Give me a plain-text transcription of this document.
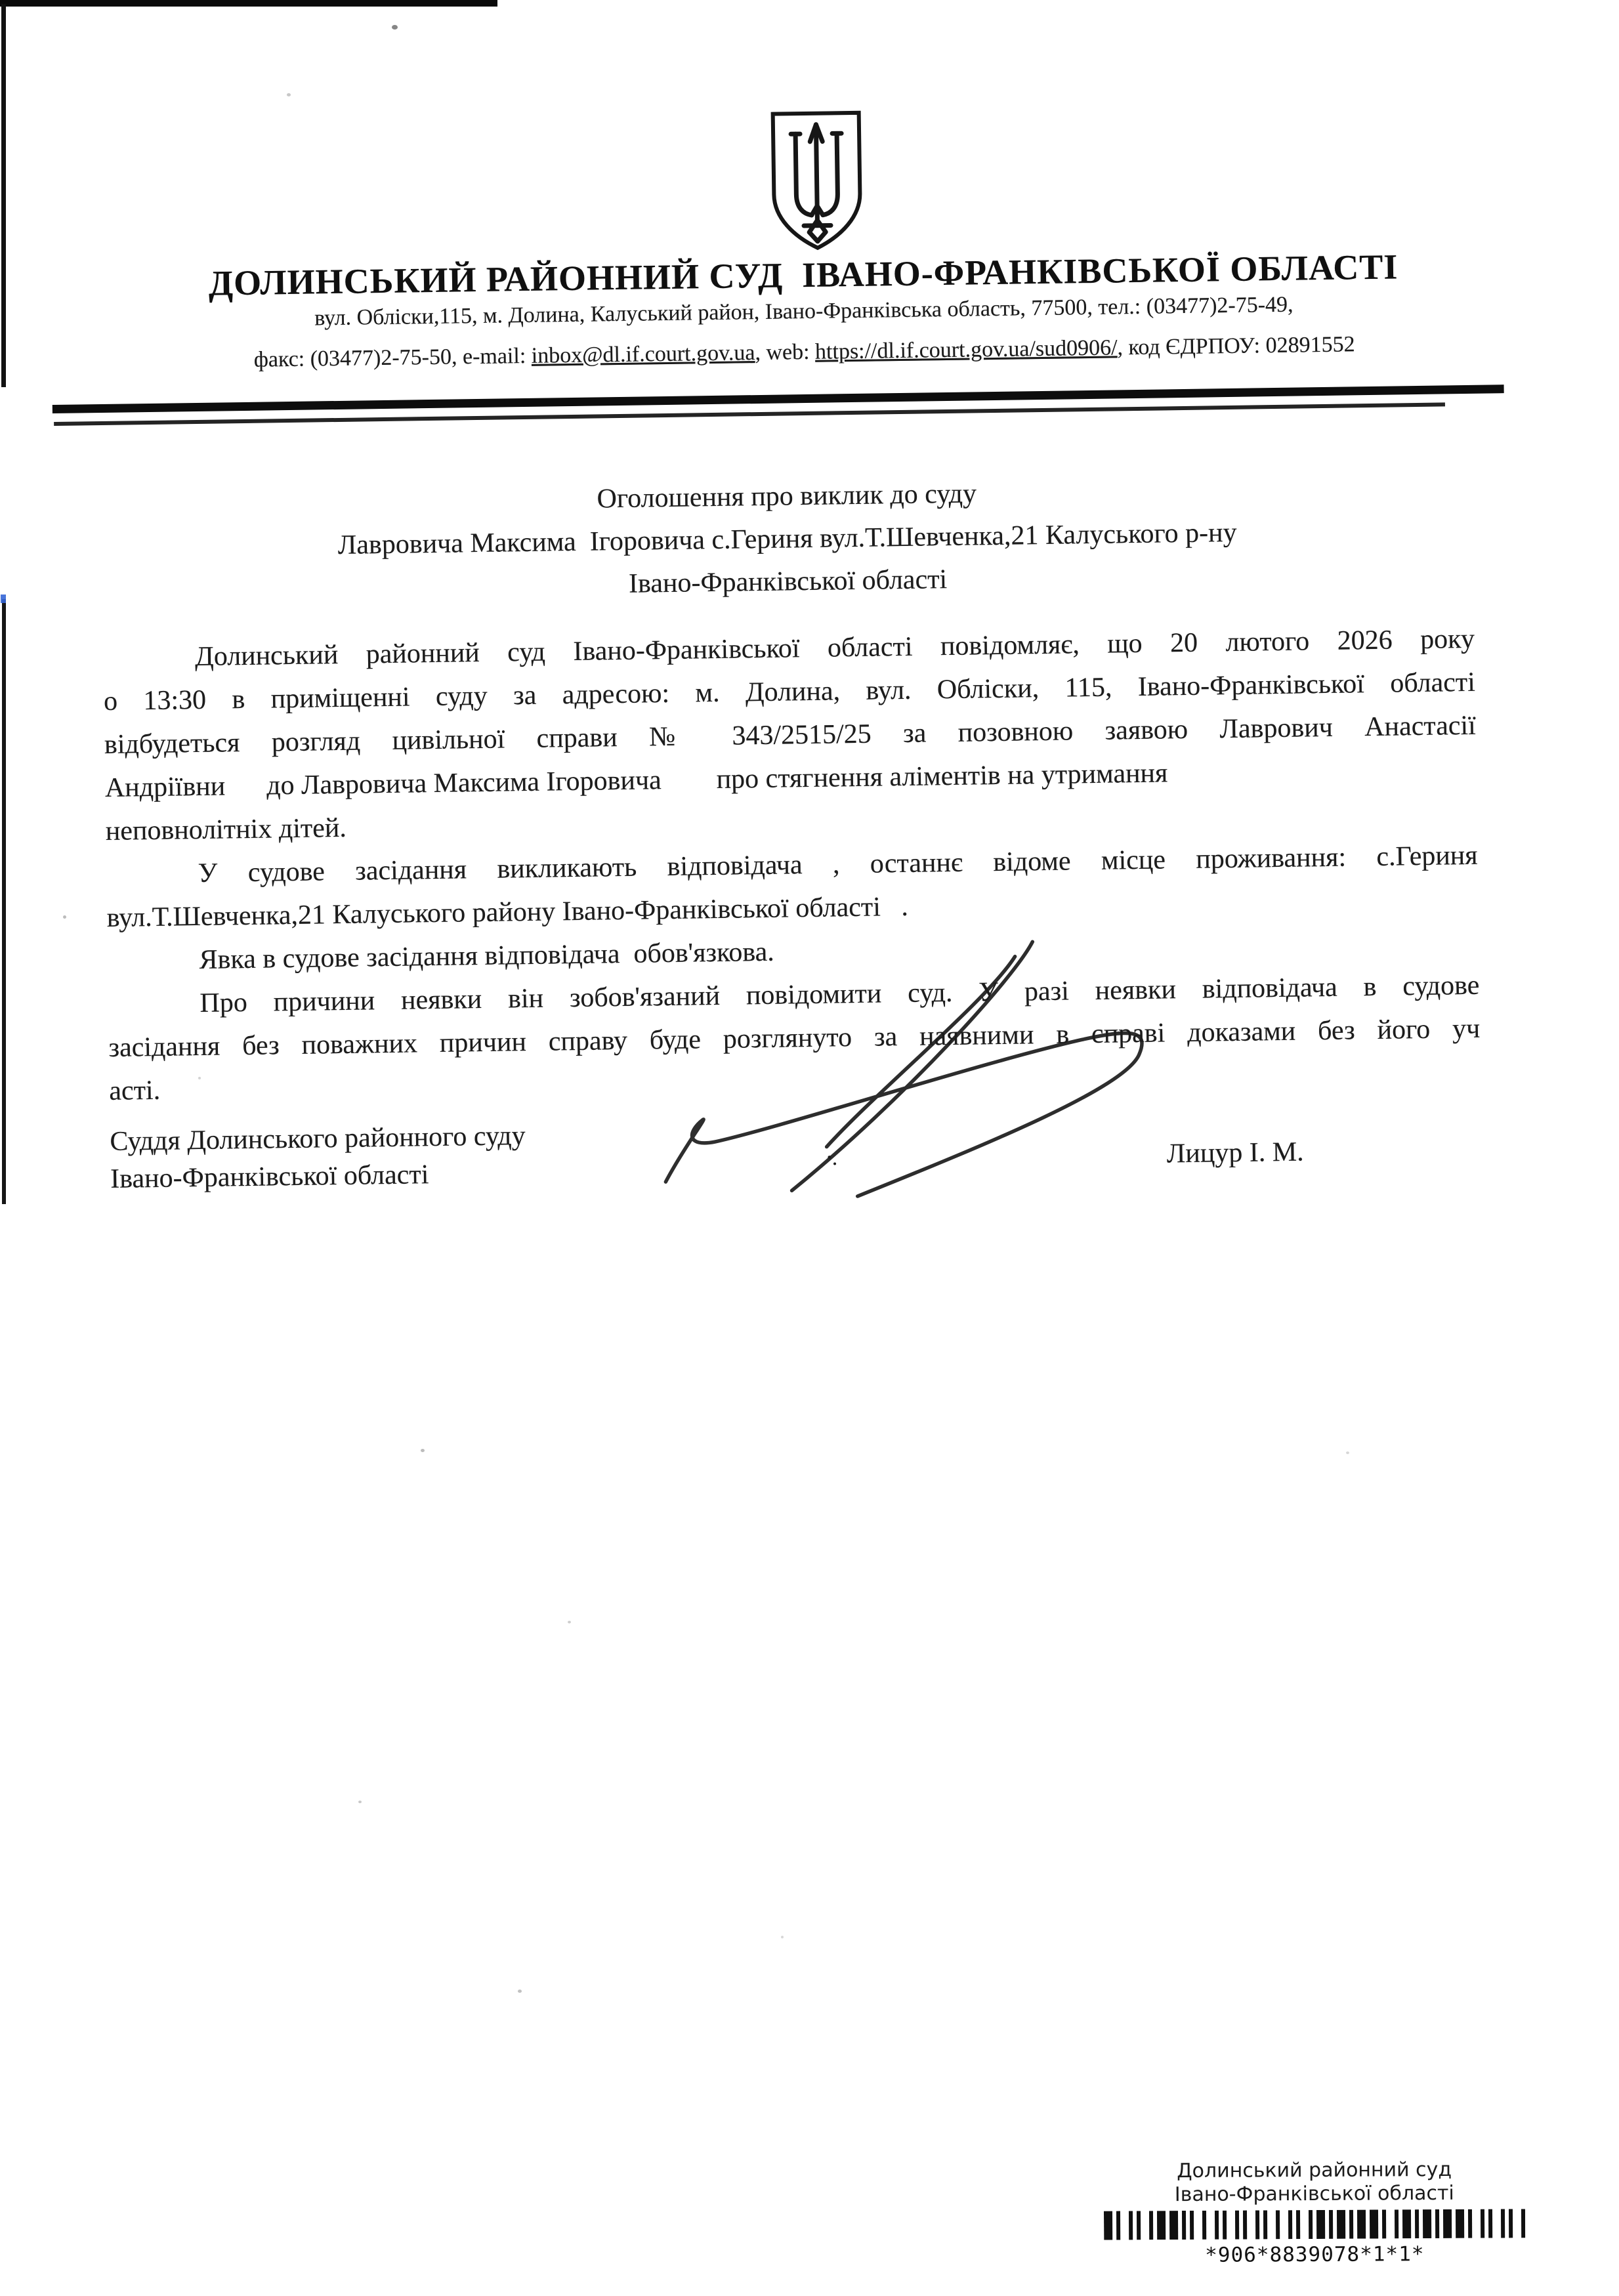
ДОЛИНСЬКИЙ РАЙОННИЙ СУД  ІВАНО-ФРАНКІВСЬКОЇ ОБЛАСТІ
вул. Обліски,115, м. Долина, Калуський район, Івано-Франківська область, 77500, тел.: (03477)2-75-49,
факс: (03477)2-75-50, e-mail: inbox@dl.if.court.gov.ua, web: https://dl.if.court.gov.ua/sud0906/, код ЄДРПОУ: 02891552
Оголошення про виклик до суду
Лавровича Максима  Ігоровича с.Гериня вул.Т.Шевченка,21 Калуського р-ну
Івано-Франківської області
Долинський районний суд Івано-Франківської області повідомляє, що 20 лютого 2026 року
о 13:30 в приміщенні суду за адресою: м. Долина, вул. Обліски, 115, Івано-Франківської області
відбудеться розгляд цивільної справи № 343/2515/25 за позовною заявою Лаврович Анастасії
Андріївни      до Лавровича Максима Ігоровича        про стягнення аліментів на утримання
неповнолітніх дітей.
У судове засідання викликають відповідача , останнє відоме місце проживання: с.Гериня
вул.Т.Шевченка,21 Калуського району Івано-Франківської області   .
Явка в судове засідання відповідача  обов'язкова.
Про причини неявки він зобов'язаний повідомити суд. У разі неявки відповідача в судове
засідання без поважних причин справу буде розглянуто за наявними в справі доказами без його уч
асті.
Суддя Долинського районного суду
Івано-Франківської області
Лицур І. М.
Долинський районний суд
Івано-Франківської області
*906*8839078*1*1*
